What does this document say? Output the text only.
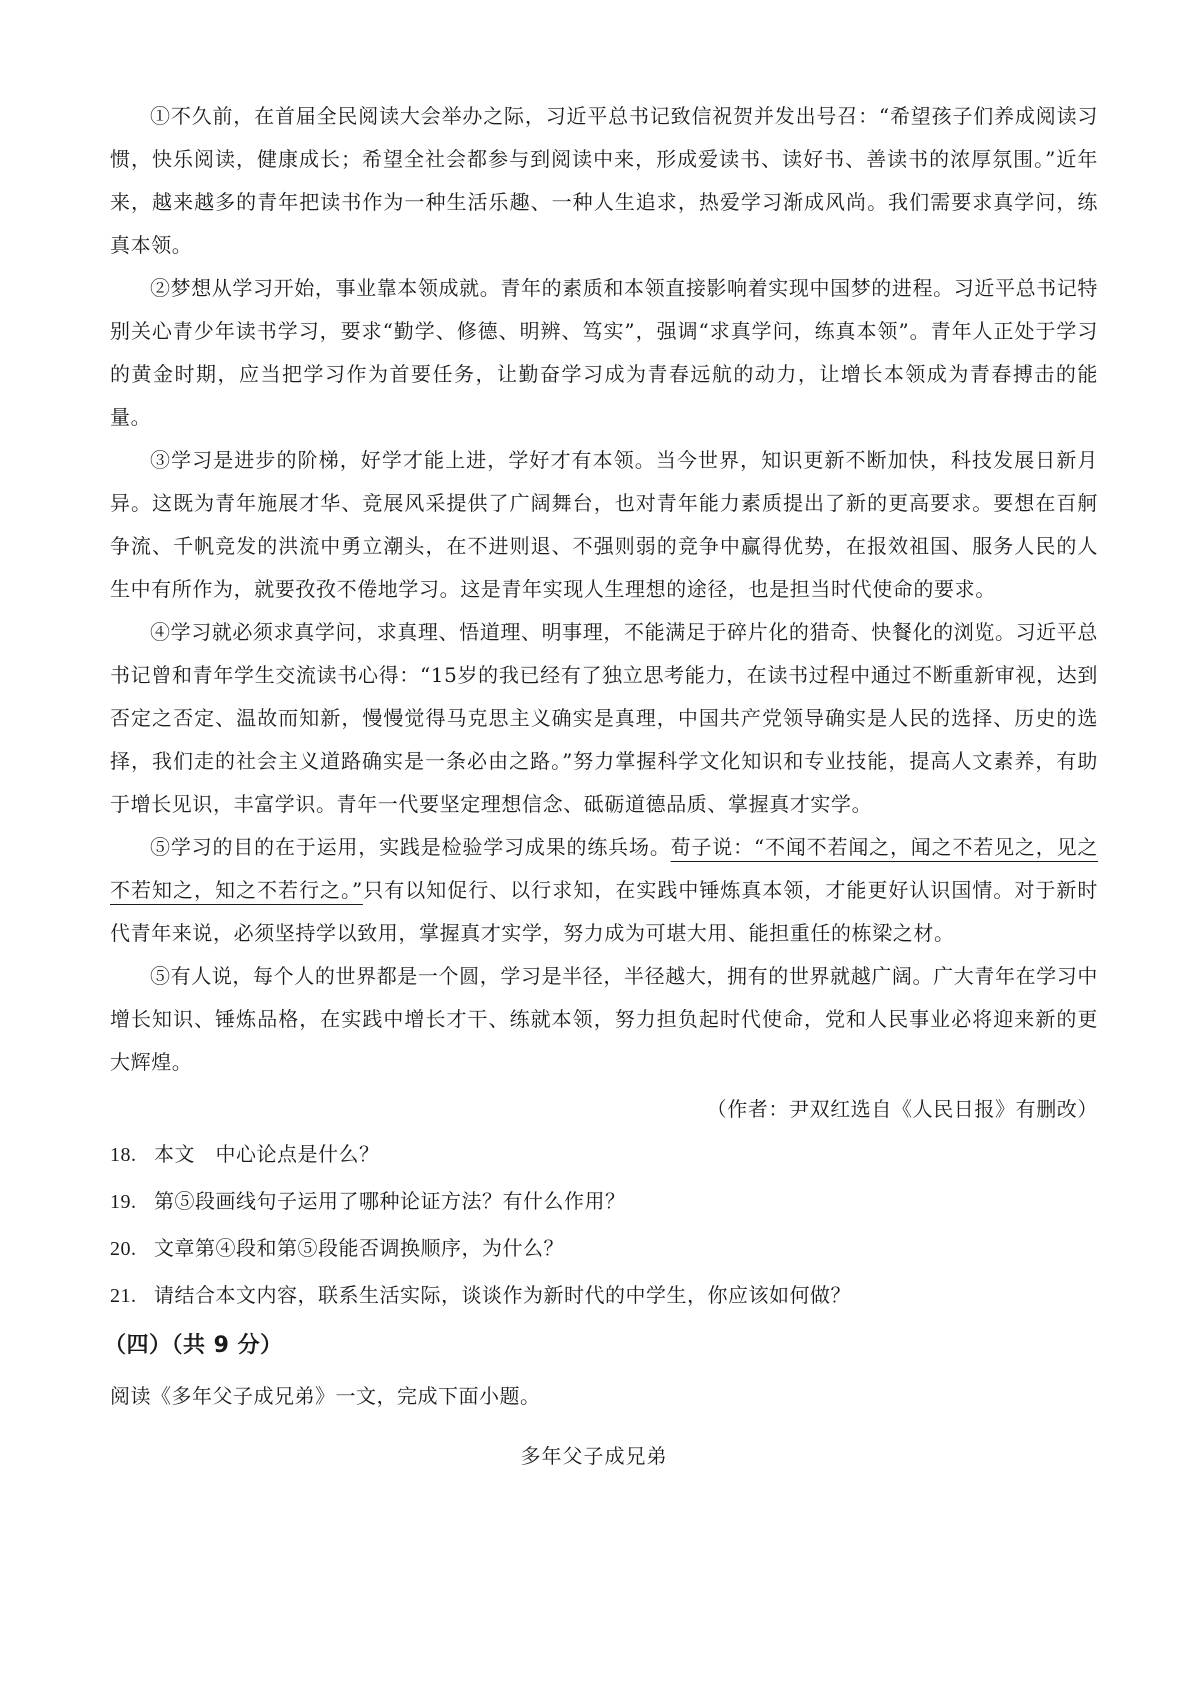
①不久前，在首届全民阅读大会举办之际，习近平总书记致信祝贺并发出号召：“希望孩子们养成阅读习惯，快乐阅读，健康成长；希望全社会都参与到阅读中来，形成爱读书、读好书、善读书的浓厚氛围。”近年来，越来越多的青年把读书作为一种生活乐趣、一种人生追求，热爱学习渐成风尚。我们需要求真学问，练真本领。

②梦想从学习开始，事业靠本领成就。青年的素质和本领直接影响着实现中国梦的进程。习近平总书记特别关心青少年读书学习，要求“勤学、修德、明辨、笃实”，强调“求真学问，练真本领”。青年人正处于学习的黄金时期，应当把学习作为首要任务，让勤奋学习成为青春远航的动力，让增长本领成为青春搏击的能量。

③学习是进步的阶梯，好学才能上进，学好才有本领。当今世界，知识更新不断加快，科技发展日新月异。这既为青年施展才华、竞展风采提供了广阔舞台，也对青年能力素质提出了新的更高要求。要想在百舸争流、千帆竞发的洪流中勇立潮头，在不进则退、不强则弱的竞争中赢得优势，在报效祖国、服务人民的人生中有所作为，就要孜孜不倦地学习。这是青年实现人生理想的途径，也是担当时代使命的要求。

④学习就必须求真学问，求真理、悟道理、明事理，不能满足于碎片化的猎奇、快餐化的浏览。习近平总书记曾和青年学生交流读书心得：“15岁的我已经有了独立思考能力，在读书过程中通过不断重新审视，达到否定之否定、温故而知新，慢慢觉得马克思主义确实是真理，中国共产党领导确实是人民的选择、历史的选择，我们走的社会主义道路确实是一条必由之路。”努力掌握科学文化知识和专业技能，提高人文素养，有助于增长见识，丰富学识。青年一代要坚定理想信念、砥砺道德品质、掌握真才实学。

⑤学习的目的在于运用，实践是检验学习成果的练兵场。荀子说：“不闻不若闻之，闻之不若见之，见之不若知之，知之不若行之。”只有以知促行、以行求知，在实践中锤炼真本领，才能更好认识国情。对于新时代青年来说，必须坚持学以致用，掌握真才实学，努力成为可堪大用、能担重任的栋梁之材。

⑤有人说，每个人的世界都是一个圆，学习是半径，半径越大，拥有的世界就越广阔。广大青年在学习中增长知识、锤炼品格，在实践中增长才干、练就本领，努力担负起时代使命，党和人民事业必将迎来新的更大辉煌。

（作者：尹双红选自《人民日报》有删改）

18. 本文　中心论点是什么？

19. 第⑤段画线句子运用了哪种论证方法？有什么作用？

20. 文章第④段和第⑤段能否调换顺序，为什么？

21. 请结合本文内容，联系生活实际，谈谈作为新时代的中学生，你应该如何做？

（四）（共 9 分）
阅读《多年父子成兄弟》一文，完成下面小题。
多年父子成兄弟
